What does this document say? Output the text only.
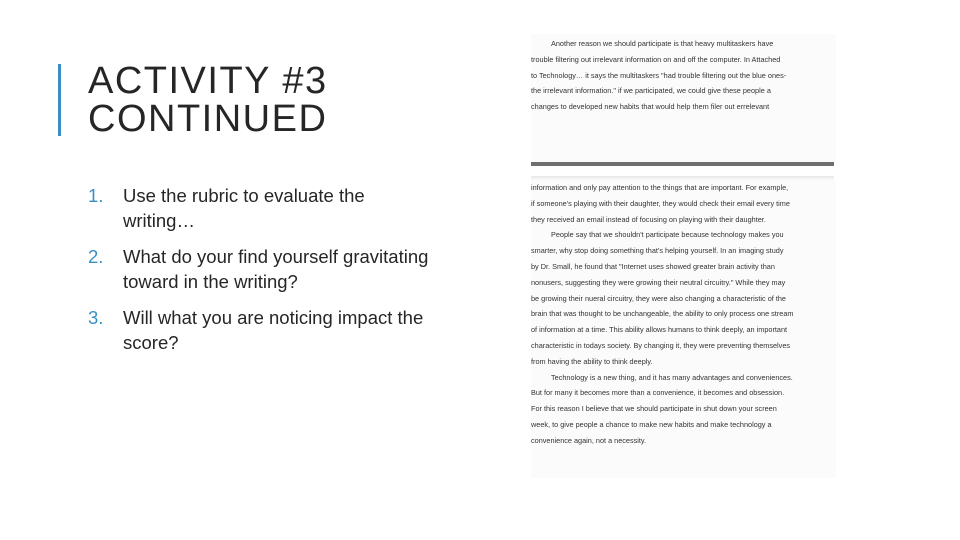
ACTIVITY #3
CONTINUED
1. Use the rubric to evaluate the writing…
2. What do your find yourself gravitating toward in the writing?
3. Will what you are noticing impact the score?
Another reason we should participate is that heavy multitaskers have
trouble filtering out irrelevant information on and off the computer. In Attached
to Technology… it says the multitaskers "had trouble filtering out the blue ones-
the irrelevant information." if we participated, we could give these people a
changes to developed new habits that would help them filer out errelevant
information and only pay attention to the things that are important. For example,
if someone's playing with their daughter, they would check their email every time
they received an email instead of focusing on playing with their daughter.
People say that we shouldn't participate because technology makes you
smarter, why stop doing something that's helping yourself. In an imaging study
by Dr. Small, he found that "Internet uses showed greater brain activity than
nonusers, suggesting they were growing their neutral circuitry." While they may
be growing their nueral circuitry, they were also changing a characteristic of the
brain that was thought to be unchangeable, the ability to only process one stream
of information at a time. This ability allows humans to think deeply, an important
characteristic in todays society. By changing it, they were preventing themselves
from having the ability to think deeply.
Technology is a new thing, and it has many advantages and conveniences.
But for many it becomes more than a convenience, it becomes and obsession.
For this reason I believe that we should participate in shut down your screen
week, to give people a chance to make new habits and make technology a
convenience again, not a necessity.
